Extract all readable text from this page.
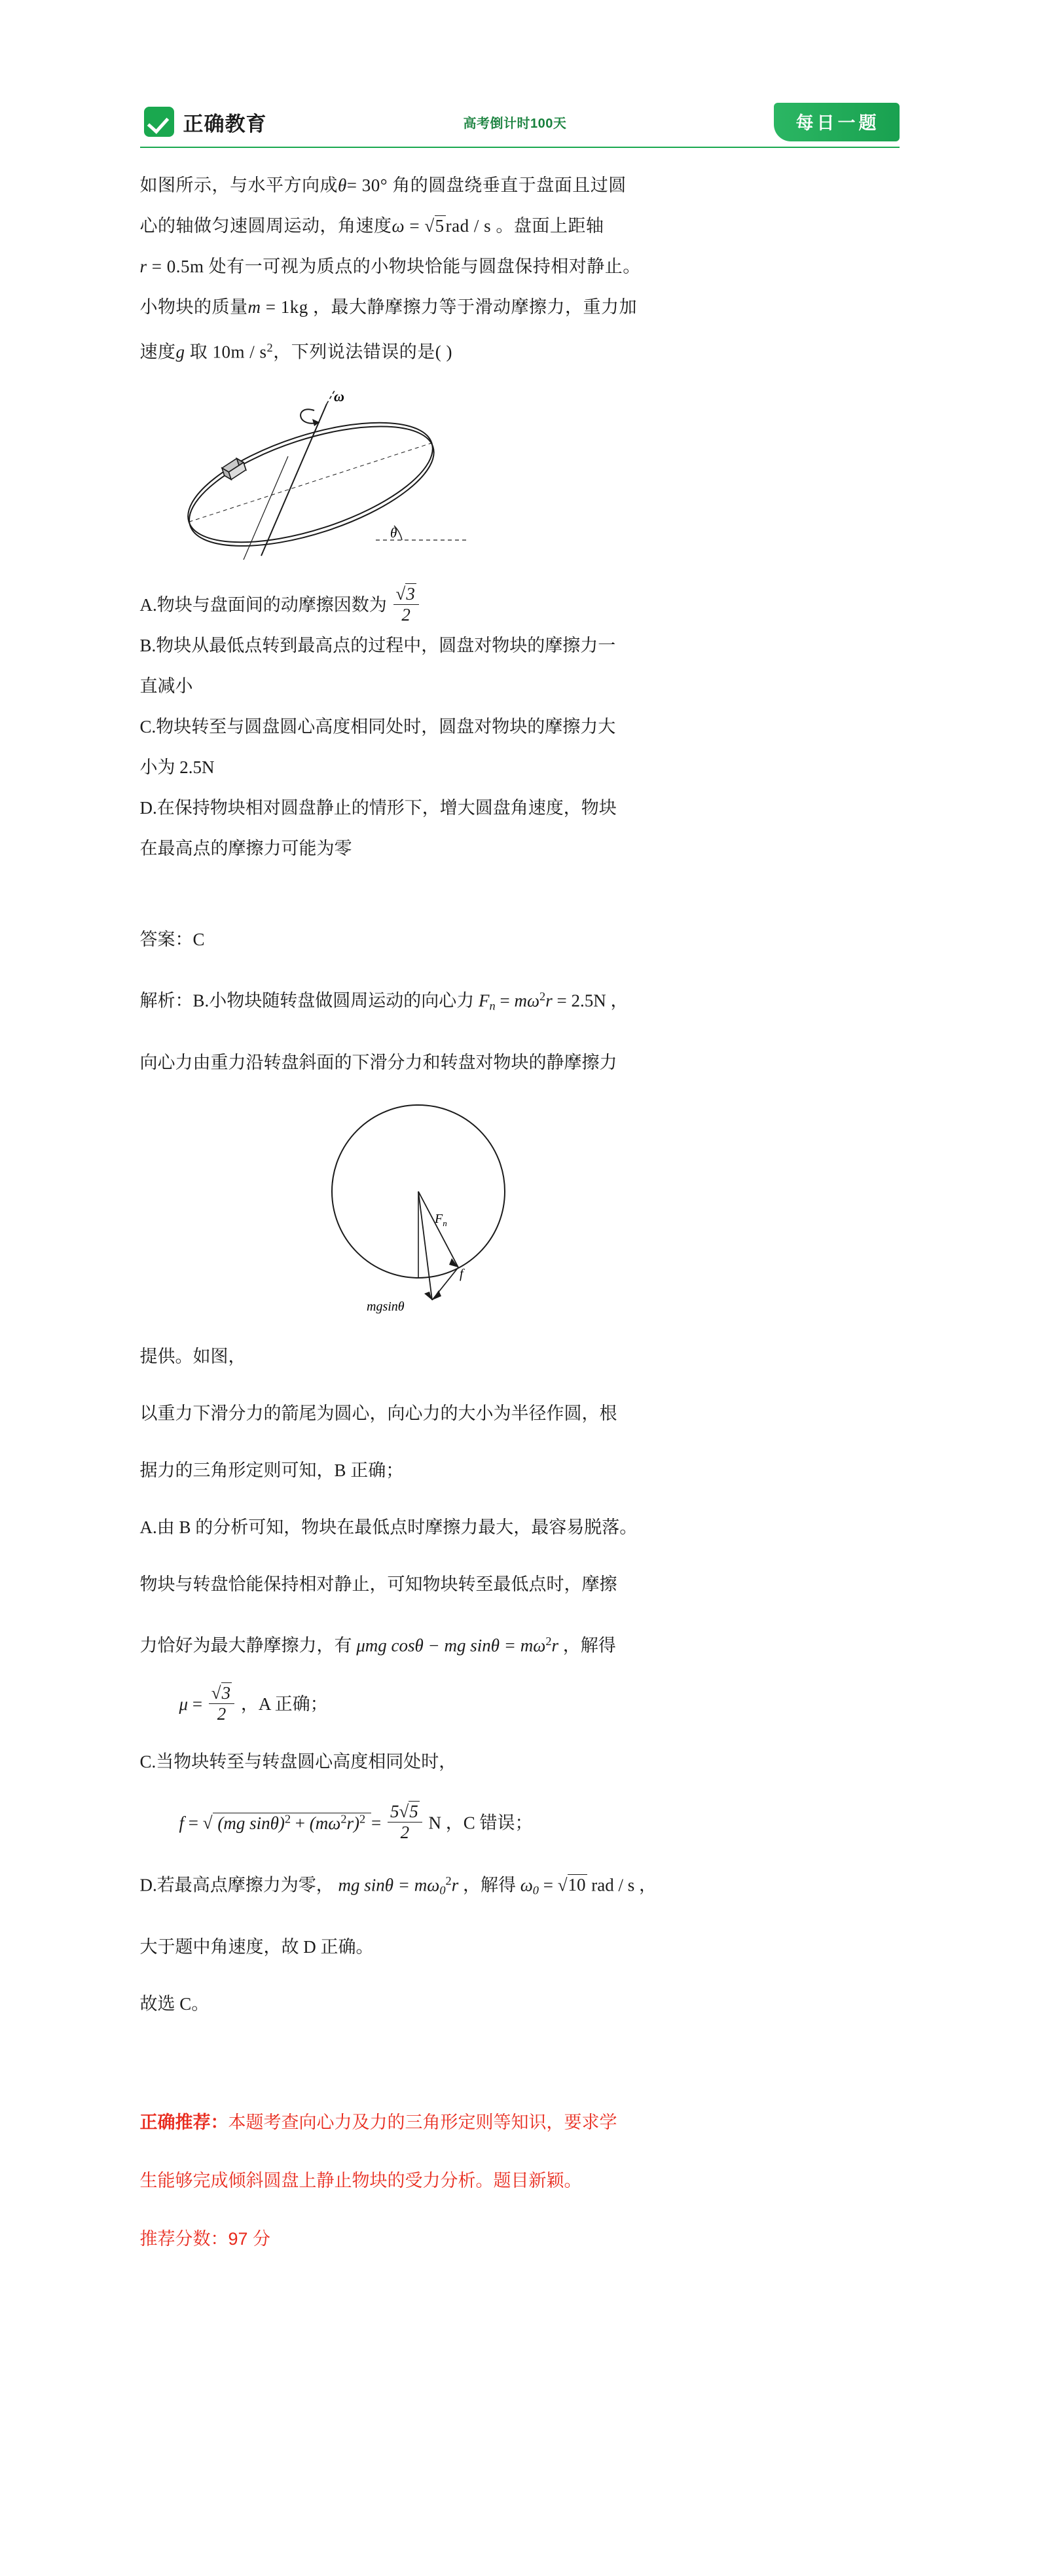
正确教育	高考倒计时100天	每日一题

如图所示，与水平方向成θ= 30° 角的圆盘绕垂直于盘面且过圆

心的轴做匀速圆周运动，角速度ω = √5rad / s 。盘面上距轴

r = 0.5m 处有一可视为质点的小物块恰能与圆盘保持相对静止。

小物块的质量m = 1kg ，最大静摩擦力等于滑动摩擦力，重力加

速度g 取 $10m / s^2$，下列说法错误的是( )

ω
θ

A.物块与盘面间的动摩擦因数为 $\frac{√3}{2}$

B.物块从最低点转到最高点的过程中，圆盘对物块的摩擦力一

直减小

C.物块转至与圆盘圆心高度相同处时，圆盘对物块的摩擦力大

小为 2.5N

D.在保持物块相对圆盘静止的情形下，增大圆盘角速度，物块

在最高点的摩擦力可能为零

答案：C

解析：B.小物块随转盘做圆周运动的向心力 $F_n = m\omega^2r = 2.5N$ ，

向心力由重力沿转盘斜面的下滑分力和转盘对物块的静摩擦力

$F_n$
f
mgsinθ

提供。如图，

以重力下滑分力的箭尾为圆心，向心力的大小为半径作圆，根

据力的三角形定则可知，B 正确；

A.由 B 的分析可知，物块在最低点时摩擦力最大，最容易脱落。

物块与转盘恰能保持相对静止，可知物块转至最低点时，摩擦

力恰好为最大静摩擦力，有 μmg cosθ − mg $\sin\theta = m\omega^2r$ ，解得

$\mu = \frac{√3}{2}$ ，A 正确；

C.当物块转至与转盘圆心高度相同处时，

f = √ (mg $\sin\theta)^2 + (m\omega^2r)^2 = \frac{5√5}{2}$ N ，C 错误；

D.若最高点摩擦力为零， mg $\sin\theta = m\omega_0^2r$ ，解得 $\omega_0 = √10$ rad / s ，

大于题中角速度，故 D 正确。

故选 C。

正确推荐：本题考查向心力及力的三角形定则等知识，要求学

生能够完成倾斜圆盘上静止物块的受力分析。题目新颖。

推荐分数：97 分
